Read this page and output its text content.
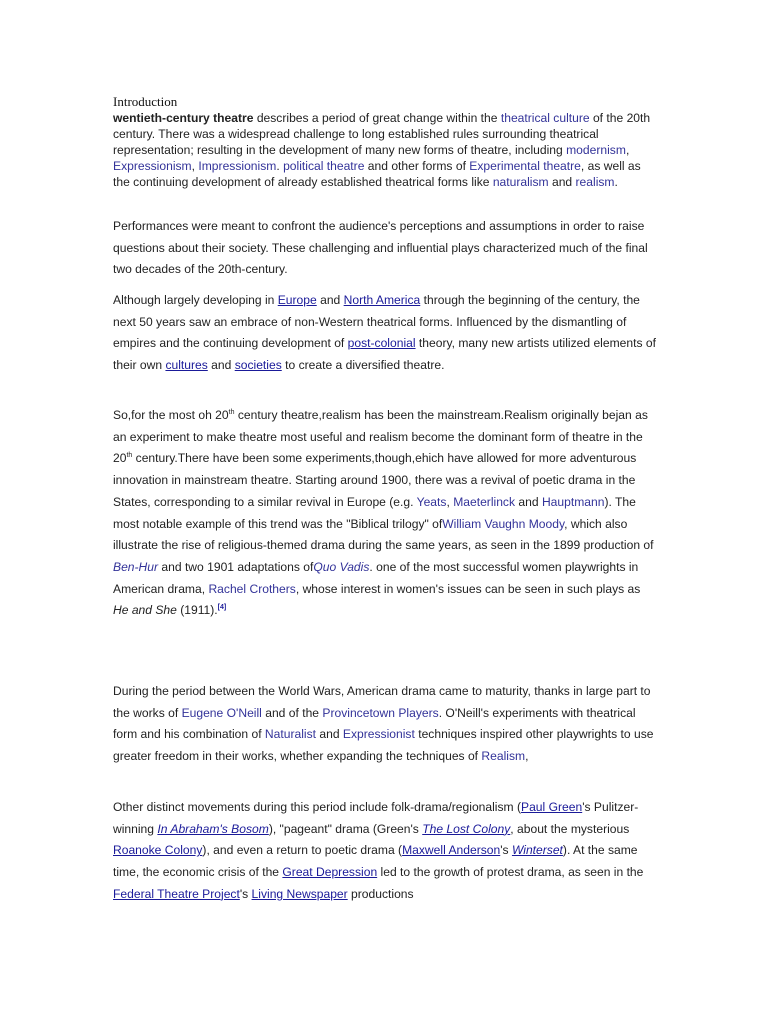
Introduction

wentieth-century theatre describes a period of great change within the theatrical culture of the 20th century. There was a widespread challenge to long established rules surrounding theatrical representation; resulting in the development of many new forms of theatre, including modernism, Expressionism, Impressionism. political theatre and other forms of Experimental theatre, as well as the continuing development of already established theatrical forms like naturalism and realism.

Performances were meant to confront the audience's perceptions and assumptions in order to raise questions about their society. These challenging and influential plays characterized much of the final two decades of the 20th-century.

Although largely developing in Europe and North America through the beginning of the century, the next 50 years saw an embrace of non-Western theatrical forms. Influenced by the dismantling of empires and the continuing development of post-colonial theory, many new artists utilized elements of their own cultures and societies to create a diversified theatre.

So,for the most oh 20th century theatre,realism has been the mainstream.Realism originally bejan as an experiment to make theatre most useful and realism become the dominant form of theatre in the 20th century.There have been some experiments,though,ehich have allowed for more adventurous innovation in mainstream theatre. Starting around 1900, there was a revival of poetic drama in the States, corresponding to a similar revival in Europe (e.g. Yeats, Maeterlinck and Hauptmann). The most notable example of this trend was the "Biblical trilogy" ofWilliam Vaughn Moody, which also illustrate the rise of religious-themed drama during the same years, as seen in the 1899 production of Ben-Hur and two 1901 adaptations ofQuo Vadis. one of the most successful women playwrights in American drama, Rachel Crothers, whose interest in women's issues can be seen in such plays as He and She (1911).[4]

During the period between the World Wars, American drama came to maturity, thanks in large part to the works of Eugene O'Neill and of the Provincetown Players. O'Neill's experiments with theatrical form and his combination of Naturalist and Expressionist techniques inspired other playwrights to use greater freedom in their works, whether expanding the techniques of Realism,

Other distinct movements during this period include folk-drama/regionalism (Paul Green's Pulitzer-winning In Abraham's Bosom), "pageant" drama (Green's The Lost Colony, about the mysterious Roanoke Colony), and even a return to poetic drama (Maxwell Anderson's Winterset). At the same time, the economic crisis of the Great Depression led to the growth of protest drama, as seen in the Federal Theatre Project's Living Newspaper productions
